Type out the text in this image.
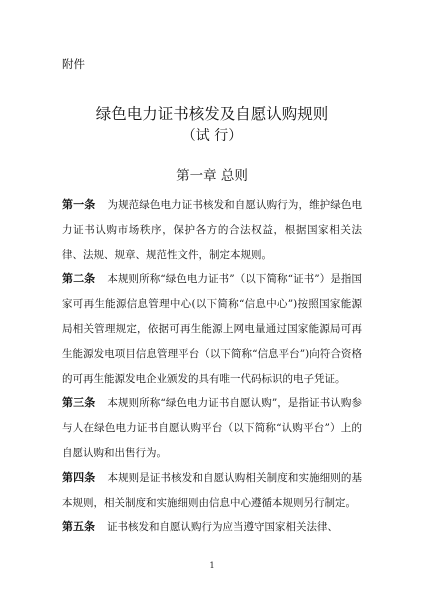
附件
绿色电力证书核发及自愿认购规则
（试 行）
第一章 总则

第一条 为规范绿色电力证书核发和自愿认购行为，维护绿色电力证书认购市场秩序，保护各方的合法权益，根据国家相关法律、法规、规章、规范性文件，制定本规则。

第二条 本规则所称“绿色电力证书”（以下简称“证书”）是指国家可再生能源信息管理中心(以下简称“信息中心”)按照国家能源局相关管理规定，依据可再生能源上网电量通过国家能源局可再生能源发电项目信息管理平台（以下简称“信息平台”)向符合资格的可再生能源发电企业颁发的具有唯一代码标识的电子凭证。

第三条 本规则所称“绿色电力证书自愿认购”，是指证书认购参与人在绿色电力证书自愿认购平台（以下简称“认购平台”）上的自愿认购和出售行为。

第四条 本规则是证书核发和自愿认购相关制度和实施细则的基本规则，相关制度和实施细则由信息中心遵循本规则另行制定。

第五条 证书核发和自愿认购行为应当遵守国家相关法律、

1
